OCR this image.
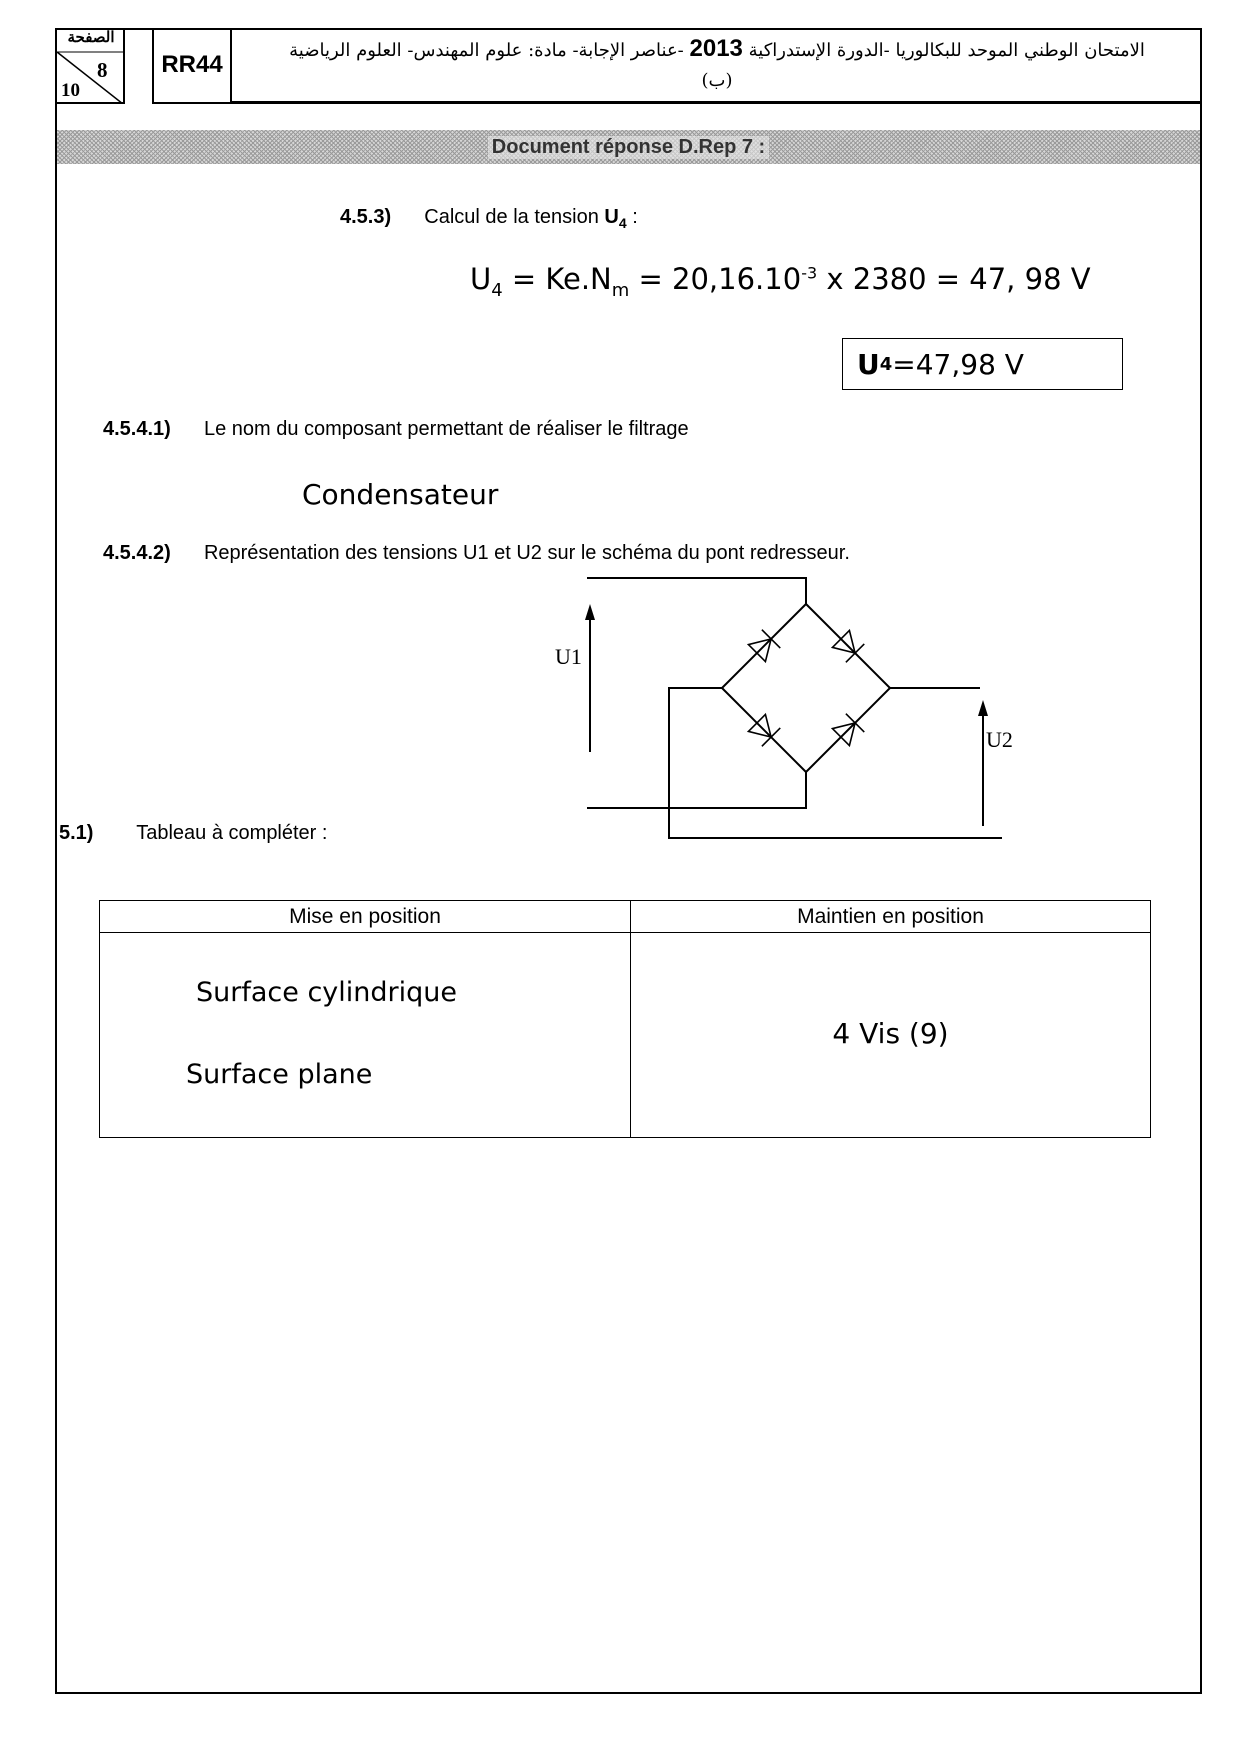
الصفحة
8
10
RR44
الامتحان الوطني الموحد للبكالوريا -الدورة الإستدراكية 2013 -عناصر الإجابة- مادة: علوم المهندس- العلوم الرياضية
(ب)
Document réponse D.Rep 7 :
4.5.3) Calcul de la tension $U_4$ :
$U_4 = Ke.N_m = 20,16.10^{-3}$ x 2380 = 47, 98 V
U 4 =47,98 V
4.5.4.1) Le nom du composant permettant de réaliser le filtrage
Condensateur
4.5.4.2) Représentation des tensions U1 et U2 sur le schéma du pont redresseur.
U1
U2
5.1) Tableau à compléter :
Mise en position	Maintien en position

Surface cylindrique
Surface plane	4 Vis (9)
